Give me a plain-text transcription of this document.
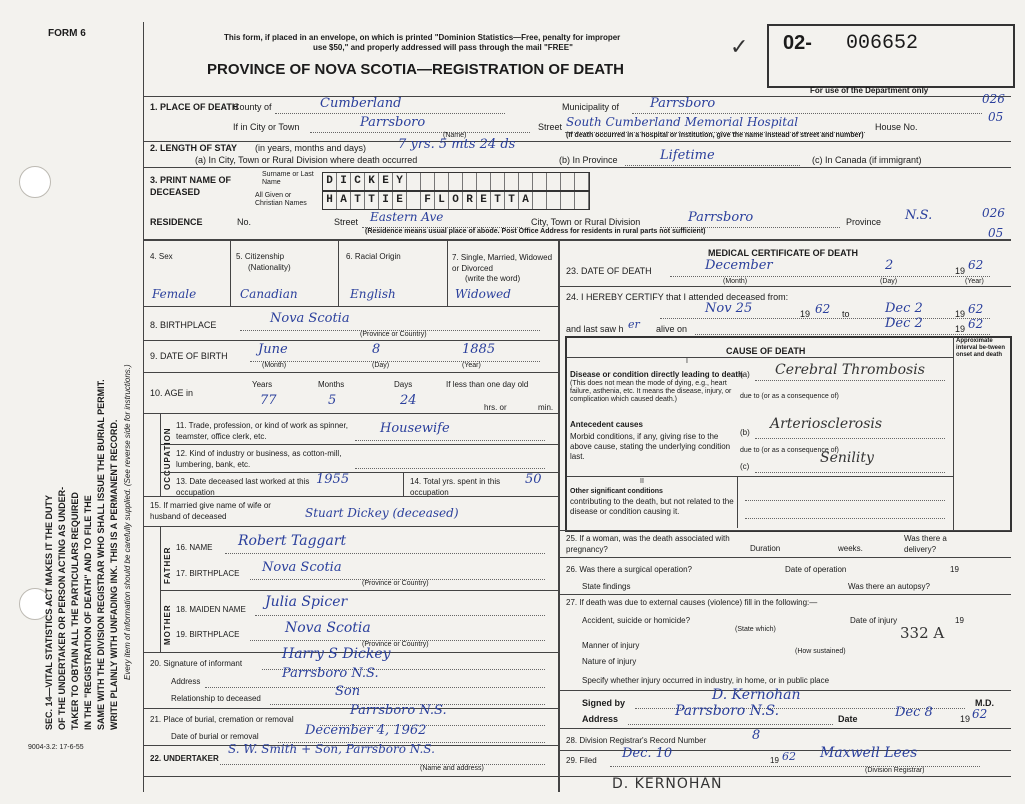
FORM 6
SEC. 14—VITAL STATISTICS ACT MAKES IT THE DUTY OF THE UNDERTAKER OR PERSON ACTING AS UNDER- TAKER TO OBTAIN ALL THE PARTICULARS REQUIRED IN THE "REGISTRATION OF DEATH" AND TO FILE THE SAME WITH THE DIVISION REGISTRAR WHO SHALL ISSUE THE BURIAL PERMIT. WRITE PLAINLY WITH UNFADING INK. THIS IS A PERMANENT RECORD. Every item of information should be carefully supplied. (See reverse side for instructions.)
9004-3.2: 17-6-55
This form, if placed in an envelope, on which is printed "Dominion Statistics—Free, penalty for improper
use $50," and properly addressed will pass through the mail "FREE"
PROVINCE OF NOVA SCOTIA—REGISTRATION OF DEATH
✓ 02- 006652
For use of the Department only
1. PLACE OF DEATH
County of	Cumberland	Municipality of Parrsboro	026
If in City or Town	Parrsboro	Street South Cumberland Memorial Hospital	House No.
05
(Name)	(If death occurred in a hospital or institution, give the name instead of street and number)
2. LENGTH OF STAY (in years, months and days) 7 yrs. 5 mts 24 ds
(a) In City, Town or Rural Division where death occurred	(b) In Province	Lifetime	(c) In Canada (if immigrant)
3. PRINT NAME OF DECEASED
Surname or Last Name	D I C K E Y
All Given or Christian Names	H A T T I E	F L O R E T T A
RESIDENCE	No.	Street Eastern Ave	City, Town or Rural Division	Parrsboro	Province N.S.	026
05
(Residence means usual place of abode. Post Office Address for residents in rural parts not sufficient)
4. Sex	5. Citizenship
(Nationality)
6. Racial Origin	7. Single, Married, Widowed or Divorced
(write the word)
Female	Canadian	English	Widowed
8. BIRTHPLACE	Nova Scotia
(Province or Country)
9. DATE OF BIRTH June	8	1885
(Month)	(Day)	(Year)
10. AGE in
Years	Months	Days	If less than one day old
77	5	24	hrs. or	min.
OCCUPATION
11. Trade, profession, or kind of work as spinner, teamster, office clerk, etc.
Housewife
12. Kind of industry or business, as cotton-mill, lumbering, bank, etc.
13. Date deceased last worked at this occupation
1955	14. Total yrs. spent in this occupation
50
15. If married give name of wife or husband of deceased	Stuart Dickey (deceased)
FATHER
MOTHER
16. NAME Robert Taggart
17. BIRTHPLACE Nova Scotia
(Province or Country)
18. MAIDEN NAME Julia Spicer
19. BIRTHPLACE	Nova Scotia
(Province or Country)
20. Signature of informant
Harry S Dickey
Address
Parrsboro N.S.
Relationship to deceased	Son
21. Place of burial, cremation or removal
Parrsboro N.S.
Date of burial or removal	December 4, 1962
22. UNDERTAKER
S. W. Smith + Son, Parrsboro N.S.
(Name and address)
MEDICAL CERTIFICATE OF DEATH
23. DATE OF DEATH	December	2	19 62
(Month)	(Day)	(Year)
24. I HEREBY CERTIFY that I attended deceased from:
Nov 25	19 62 to	Dec 2	19 62
and last saw h er alive on	Dec 2	19 62
CAUSE OF DEATH
Approximate interval be-tween onset and death
I
Disease or condition directly leading to death
(This does not mean the mode of dying, e.g., heart failure, asthenia, etc. It means the disease, injury, or complication which caused death.)
(a) Cerebral Thrombosis
due to (or as a consequence of)
Antecedent causes
Morbid conditions, if any, giving rise to the above cause, stating the underlying condition last.
(b)
Arteriosclerosis
due to (or as a consequence of)
(c)
Senility
II
Other significant conditions
contributing to the death, but not related to the disease or condition causing it.
25. If a woman, was the death associated with pregnancy?	Duration	weeks.
Was there a delivery?
26. Was there a surgical operation?	Date of operation	19
State findings	Was there an autopsy?
27. If death was due to external causes (violence) fill in the following:—
Accident, suicide or homicide?
(State which)
Date of injury	19
332 A
Manner of injury
(How sustained)
Nature of injury
Specify whether injury occurred in industry, in home, or in public place
Signed by	D. Kernohan	M.D.
Address	Parrsboro N.S.	Date	Dec 8	19 62
28. Division Registrar's Record Number	8
29. Filed Dec. 10	19 62 Maxwell Lees
(Division Registrar)
D. KERNOHAN
